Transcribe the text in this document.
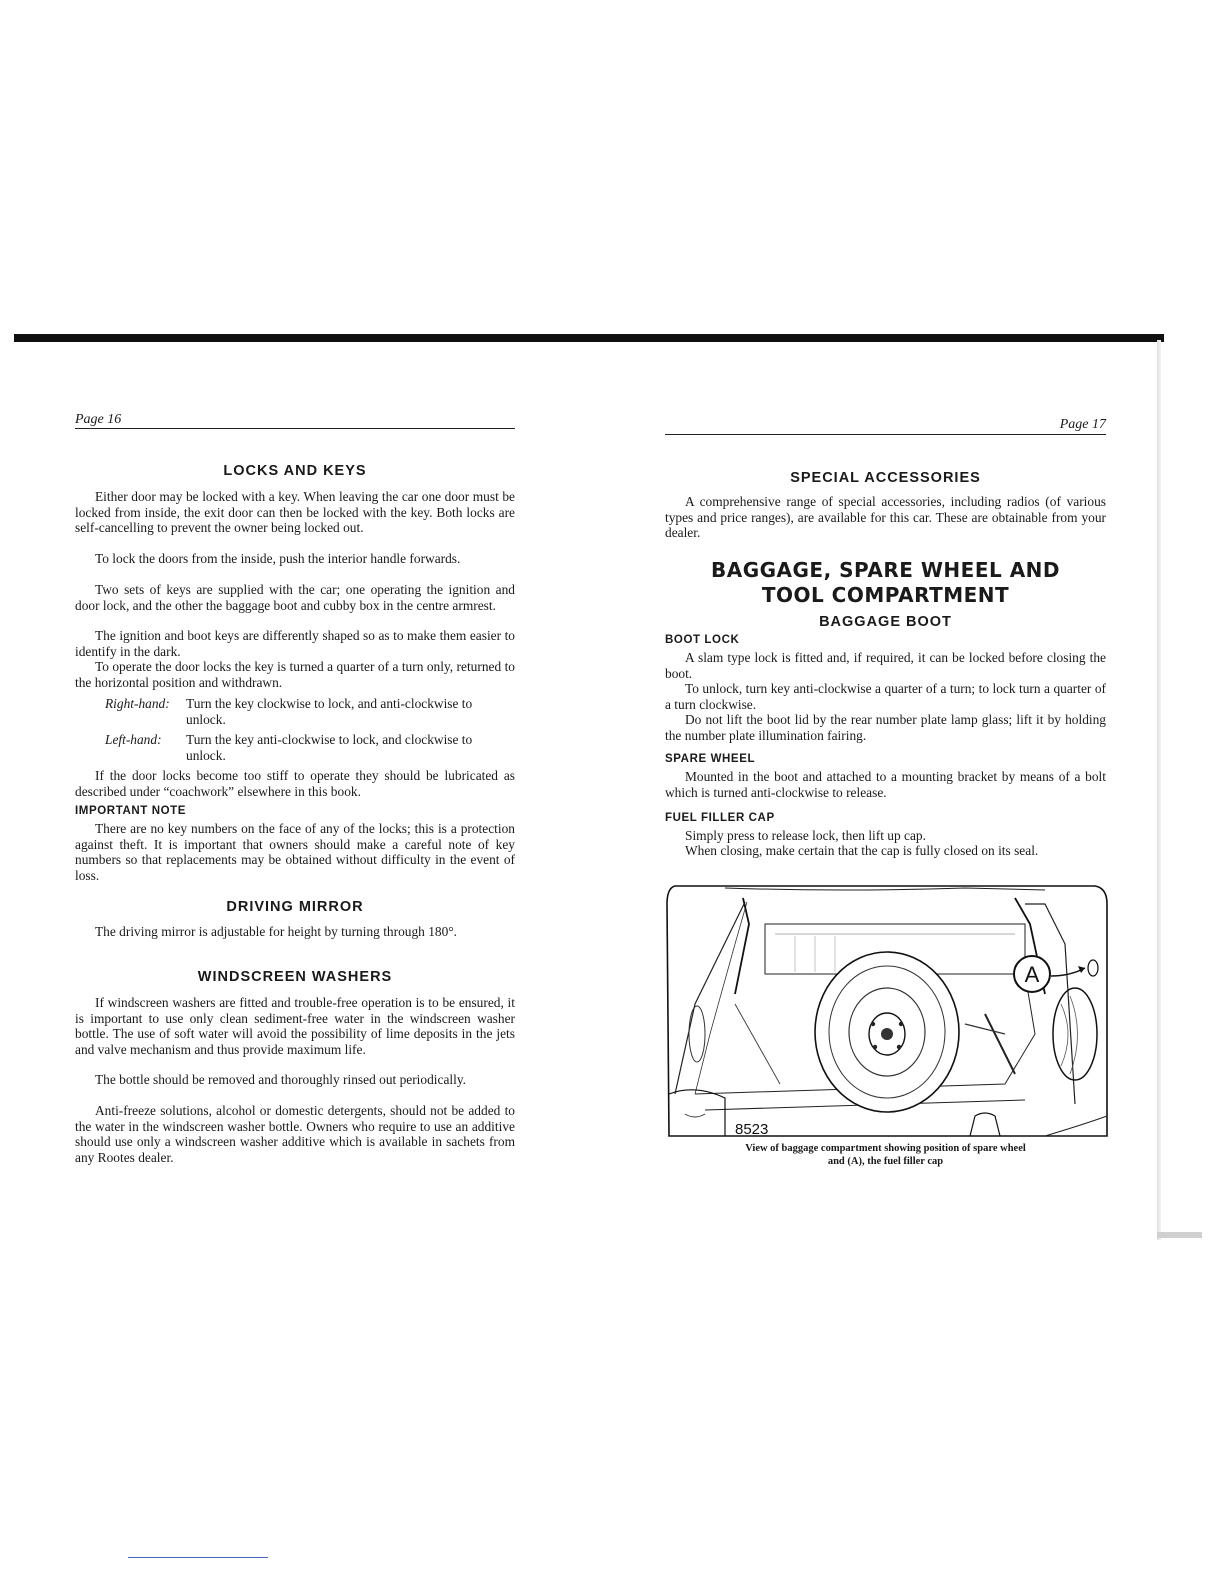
Page 16
LOCKS AND KEYS

Either door may be locked with a key. When leaving the car one door must be locked from inside, the exit door can then be locked with the key. Both locks are self-cancelling to prevent the owner being locked out.

To lock the doors from the inside, push the interior handle forwards.

Two sets of keys are supplied with the car; one operating the ignition and door lock, and the other the baggage boot and cubby box in the centre armrest.

The ignition and boot keys are differently shaped so as to make them easier to identify in the dark.

To operate the door locks the key is turned a quarter of a turn only, returned to the horizontal position and withdrawn.

Right-hand: Turn the key clockwise to lock, and anti-clockwise to unlock.
Left-hand: Turn the key anti-clockwise to lock, and clockwise to unlock.

If the door locks become too stiff to operate they should be lubricated as described under “coachwork” elsewhere in this book.

IMPORTANT NOTE

There are no key numbers on the face of any of the locks; this is a protection against theft. It is important that owners should make a careful note of key numbers so that replacements may be obtained without difficulty in the event of loss.

DRIVING MIRROR

The driving mirror is adjustable for height by turning through 180°.

WINDSCREEN WASHERS

If windscreen washers are fitted and trouble-free operation is to be ensured, it is important to use only clean sediment-free water in the windscreen washer bottle. The use of soft water will avoid the possibility of lime deposits in the jets and valve mechanism and thus provide maximum life.

The bottle should be removed and thoroughly rinsed out periodically.

Anti-freeze solutions, alcohol or domestic detergents, should not be added to the water in the windscreen washer bottle. Owners who require to use an additive should use only a windscreen washer additive which is available in sachets from any Rootes dealer.

Page 17
SPECIAL ACCESSORIES

A comprehensive range of special accessories, including radios (of various types and price ranges), are available for this car. These are obtainable from your dealer.

BAGGAGE, SPARE WHEEL AND
TOOL COMPARTMENT
BAGGAGE BOOT
BOOT LOCK

A slam type lock is fitted and, if required, it can be locked before closing the boot.

To unlock, turn key anti-clockwise a quarter of a turn; to lock turn a quarter of a turn clockwise.

Do not lift the boot lid by the rear number plate lamp glass; lift it by holding the number plate illumination fairing.

SPARE WHEEL

Mounted in the boot and attached to a mounting bracket by means of a bolt which is turned anti-clockwise to release.

FUEL FILLER CAP

Simply press to release lock, then lift up cap.

When closing, make certain that the cap is fully closed on its seal.

A
8523
View of baggage compartment showing position of spare wheel
and (A), the fuel filler cap
